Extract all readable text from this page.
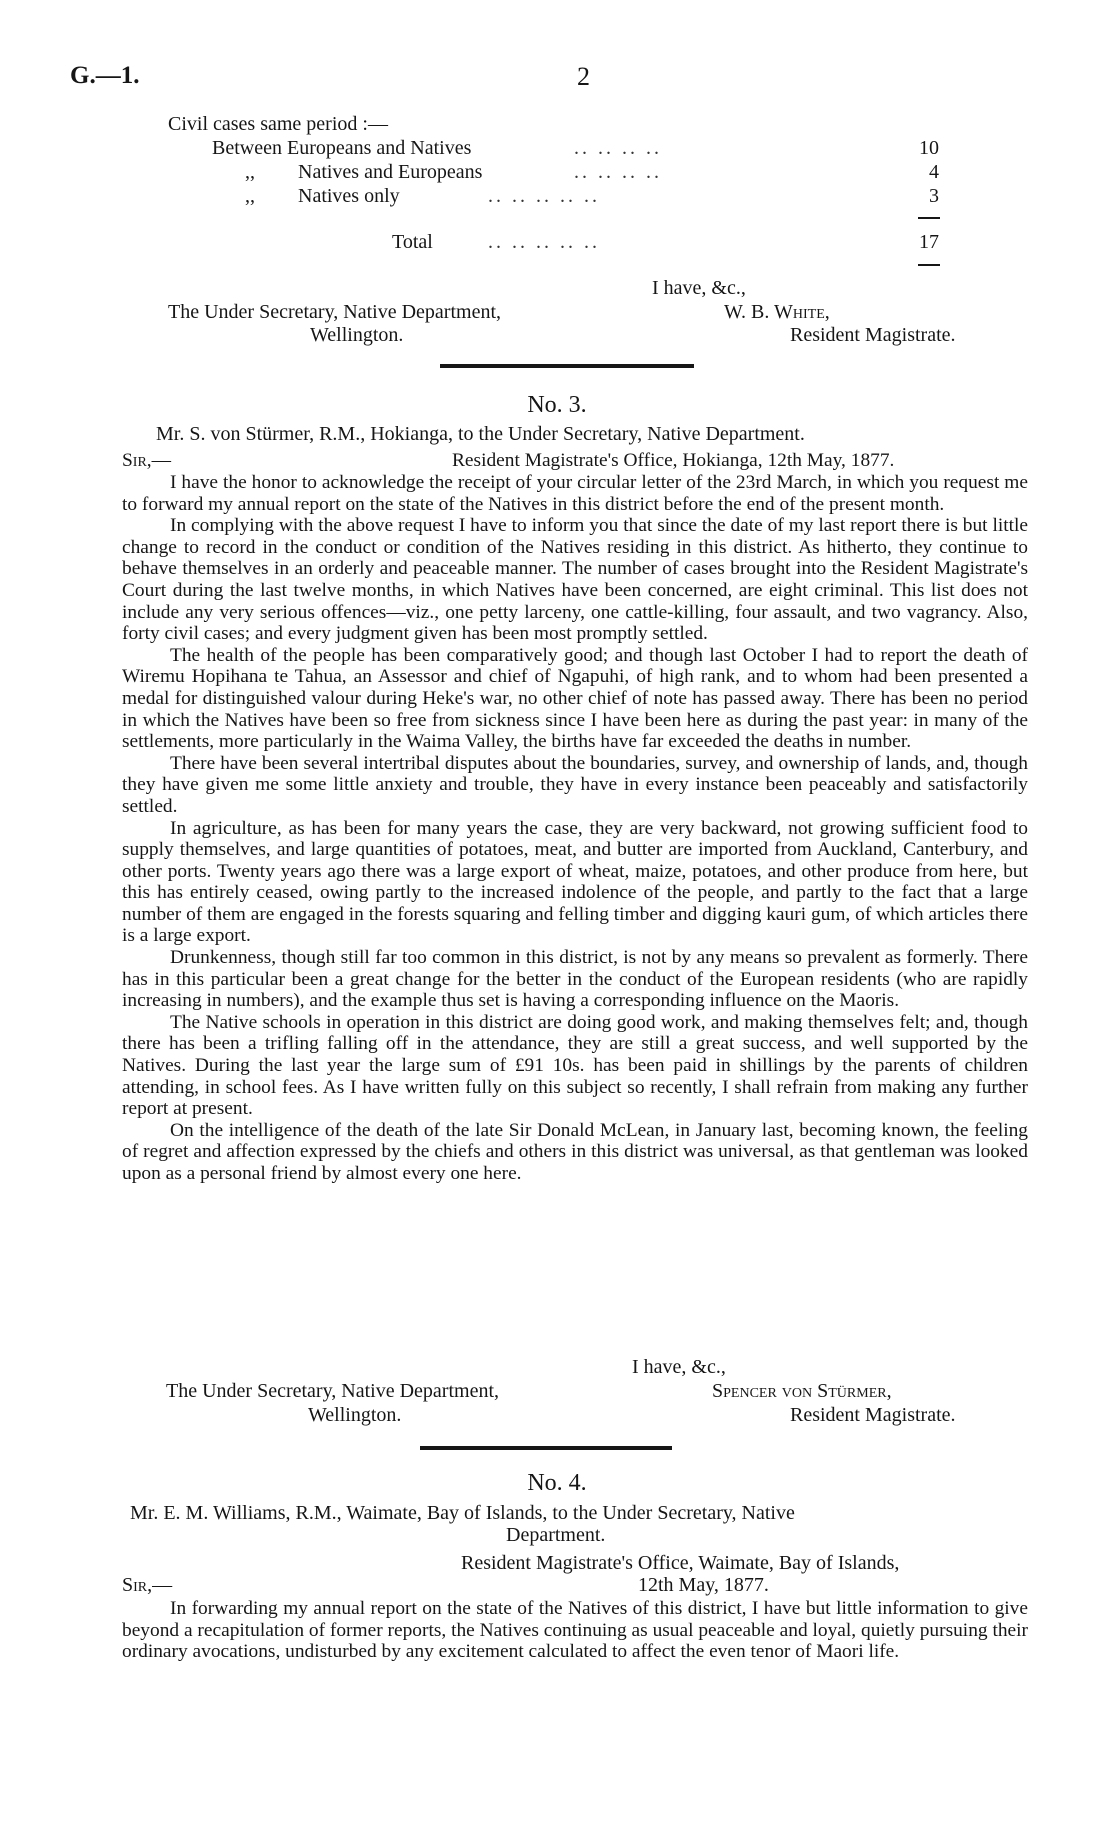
G.—1.	2
Civil cases same period :—
Between Europeans and Natives	.. .. .. ..	10
,, Natives and Europeans	.. .. .. ..	4
,, Natives only	.. .. .. .. ..	3
Total	.. .. .. .. ..	17
I have, &c.,
The Under Secretary, Native Department,	W. B. White,
Wellington.	Resident Magistrate.
No. 3.
Mr. S. von Stürmer, R.M., Hokianga, to the Under Secretary, Native Department.
Sir,—	Resident Magistrate's Office, Hokianga, 12th May, 1877.

I have the honor to acknowledge the receipt of your circular letter of the 23rd March, in which you request me to forward my annual report on the state of the Natives in this district before the end of the present month.

In complying with the above request I have to inform you that since the date of my last report there is but little change to record in the conduct or condition of the Natives residing in this district. As hitherto, they continue to behave themselves in an orderly and peaceable manner. The number of cases brought into the Resident Magistrate's Court during the last twelve months, in which Natives have been concerned, are eight criminal. This list does not include any very serious offences—viz., one petty larceny, one cattle-killing, four assault, and two vagrancy. Also, forty civil cases; and every judgment given has been most promptly settled.

The health of the people has been comparatively good; and though last October I had to report the death of Wiremu Hopihana te Tahua, an Assessor and chief of Ngapuhi, of high rank, and to whom had been presented a medal for distinguished valour during Heke's war, no other chief of note has passed away. There has been no period in which the Natives have been so free from sickness since I have been here as during the past year: in many of the settlements, more particularly in the Waima Valley, the births have far exceeded the deaths in number.

There have been several intertribal disputes about the boundaries, survey, and ownership of lands, and, though they have given me some little anxiety and trouble, they have in every instance been peaceably and satisfactorily settled.

In agriculture, as has been for many years the case, they are very backward, not growing sufficient food to supply themselves, and large quantities of potatoes, meat, and butter are imported from Auckland, Canterbury, and other ports. Twenty years ago there was a large export of wheat, maize, potatoes, and other produce from here, but this has entirely ceased, owing partly to the increased indolence of the people, and partly to the fact that a large number of them are engaged in the forests squaring and felling timber and digging kauri gum, of which articles there is a large export.

Drunkenness, though still far too common in this district, is not by any means so prevalent as formerly. There has in this particular been a great change for the better in the conduct of the European residents (who are rapidly increasing in numbers), and the example thus set is having a corresponding influence on the Maoris.

The Native schools in operation in this district are doing good work, and making themselves felt; and, though there has been a trifling falling off in the attendance, they are still a great success, and well supported by the Natives. During the last year the large sum of £91 10s. has been paid in shillings by the parents of children attending, in school fees. As I have written fully on this subject so recently, I shall refrain from making any further report at present.

On the intelligence of the death of the late Sir Donald McLean, in January last, becoming known, the feeling of regret and affection expressed by the chiefs and others in this district was universal, as that gentleman was looked upon as a personal friend by almost every one here.

I have, &c.,
The Under Secretary, Native Department,	Spencer von Stürmer,
Wellington.	Resident Magistrate.
No. 4.
Mr. E. M. Williams, R.M., Waimate, Bay of Islands, to the Under Secretary, Native
Department.
Resident Magistrate's Office, Waimate, Bay of Islands,
Sir,—	12th May, 1877.

In forwarding my annual report on the state of the Natives of this district, I have but little information to give beyond a recapitulation of former reports, the Natives continuing as usual peaceable and loyal, quietly pursuing their ordinary avocations, undisturbed by any excitement calculated to affect the even tenor of Maori life.
